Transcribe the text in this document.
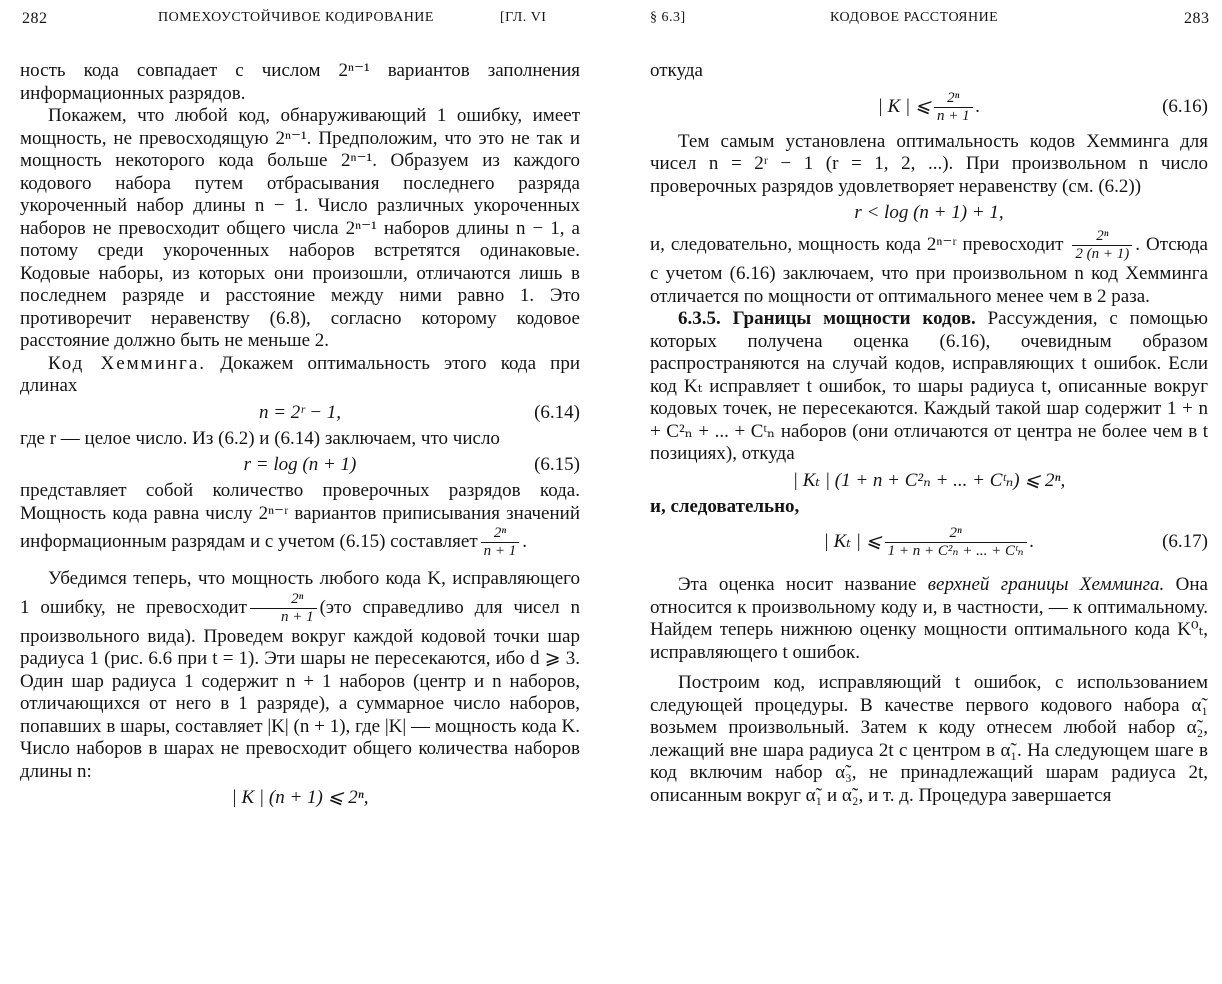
282	ПОМЕХОУСТОЙЧИВОЕ КОДИРОВАНИЕ	[ГЛ. VI

ность кода совпадает с числом 2ⁿ⁻¹ вариантов заполнения информационных разрядов.

Покажем, что любой код, обнаруживающий 1 ошибку, имеет мощность, не превосходящую 2ⁿ⁻¹. Предположим, что это не так и мощность некоторого кода больше 2ⁿ⁻¹. Образуем из каждого кодового набора путем отбрасывания последнего разряда укороченный набор длины n − 1. Число различных укороченных наборов не превосходит общего числа 2ⁿ⁻¹ наборов длины n − 1, а потому среди укороченных наборов встретятся одинаковые. Кодовые наборы, из которых они произошли, отличаются лишь в последнем разряде и расстояние между ними равно 1. Это противоречит неравенству (6.8), согласно которому кодовое расстояние должно быть не меньше 2.

Код Хемминга. Докажем оптимальность этого кода при длинах

n = 2ʳ − 1,	(6.14)

где r — целое число. Из (6.2) и (6.14) заключаем, что число

r = log (n + 1)	(6.15)

представляет собой количество проверочных разрядов кода. Мощность кода равна числу 2ⁿ⁻ʳ вариантов приписывания значений информационным разрядам и с учетом (6.15) составляет $\frac{\text{2ⁿ}}{n + 1}$ .

Убедимся теперь, что мощность любого кода K, исправляющего 1 ошибку, не превосходит $\frac{\text{2ⁿ}}{n + 1} (это$ справедливо для чисел n произвольного вида). Проведем вокруг каждой кодовой точки шар радиуса 1 (рис. 6.6 при t = 1). Эти шары не пересекаются, ибо d ⩾ 3. Один шар радиуса 1 содержит n + 1 наборов (центр и n наборов, отличающихся от него в 1 разряде), а суммарное число наборов, попавших в шары, составляет |K| (n + 1), где |K| — мощность кода K. Число наборов в шарах не превосходит общего количества наборов длины n:

| K | (n + 1) ⩽ 2ⁿ,
§ 6.3]	КОДОВОЕ РАССТОЯНИЕ	283

откуда

| K | ⩽ $\frac{\text{2ⁿ}}{n + 1}$ .	(6.16)

Тем самым установлена оптимальность кодов Хемминга для чисел n = 2ʳ − 1 (r = 1, 2, ...). При произвольном n число проверочных разрядов удовлетворяет неравенству (см. (6.2))

r < log (n + 1) + 1,

и, следовательно, мощность кода 2ⁿ⁻ʳ превосходит $\frac{\text{2ⁿ}}{2 (n + 1)}$ . Отсюда с учетом (6.16) заключаем, что при произвольном n код Хемминга отличается по мощности от оптимального менее чем в 2 раза.

6.3.5. Границы мощности кодов. Рассуждения, с помощью которых получена оценка (6.16), очевидным образом распространяются на случай кодов, исправляющих t ошибок. Если код Kₜ исправляет t ошибок, то шары радиуса t, описанные вокруг кодовых точек, не пересекаются. Каждый такой шар содержит 1 + n + C²ₙ + ... + Cᵗₙ наборов (они отличаются от центра не более чем в t позициях), откуда

| Kₜ | (1 + n + C²ₙ + ... + Cᵗₙ) ⩽ 2ⁿ,

и, следовательно,

| Kₜ | ⩽ $\frac{\text{2ⁿ}}{\text{1 + n + C²ₙ + ... + Cᵗₙ}}$ .	(6.17)

Эта оценка носит название верхней границы Хемминга. Она относится к произвольному коду и, в частности, — к оптимальному. Найдем теперь нижнюю оценку мощности оптимального кода K⁰ₜ, исправляющего t ошибок.

Построим код, исправляющий t ошибок, с использованием следующей процедуры. В качестве первого кодового набора α̃₁ возьмем произвольный. Затем к коду отнесем любой набор α̃₂, лежащий вне шара радиуса 2t с центром в α̃₁. На следующем шаге в код включим набор α̃₃, не принадлежащий шарам радиуса 2t, описанным вокруг α̃₁ и α̃₂, и т. д. Процедура завершается
